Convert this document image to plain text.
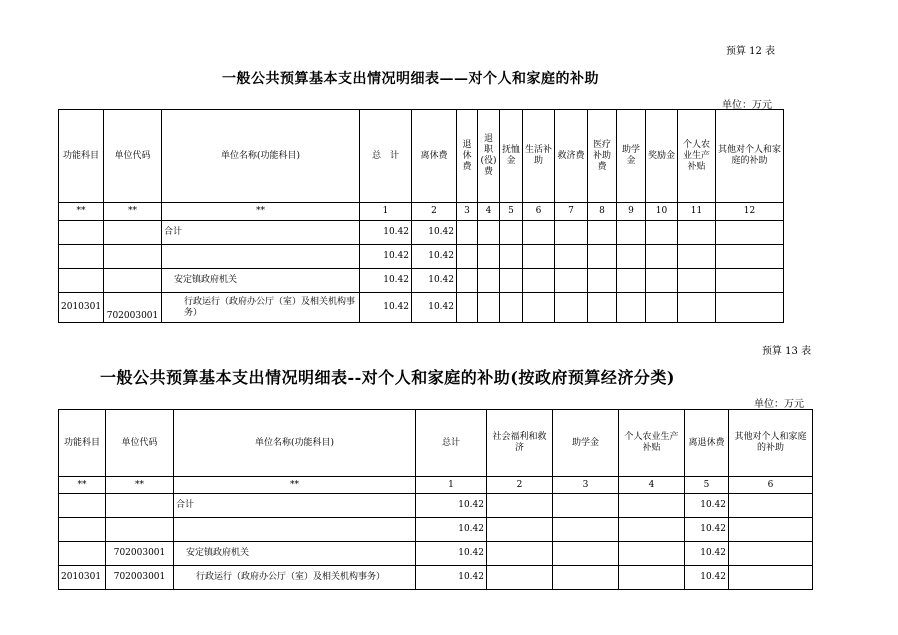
预算 12 表
一般公共预算基本支出情况明细表——对个人和家庭的补助
单位：万元
功能科目	单位代码	单位名称(功能科目)	总　计	离休费	退休费	退职(役)费	抚恤金	生活补助	救济费	医疗补助费	助学金	奖励金	个人农业生产补贴	其他对个人和家庭的补助
**	**	**	1	2	3	4	5	6	7	8	9	10	11	12
		合计	10.42	10.42										
			10.42	10.42										
		安定镇政府机关	10.42	10.42										
2010301	702003001	行政运行（政府办公厅（室）及相关机构事务）	10.42	10.42										
预算 13 表
一般公共预算基本支出情况明细表--对个人和家庭的补助(按政府预算经济分类)
单位：万元
功能科目	单位代码	单位名称(功能科目)	总计	社会福利和救济	助学金	个人农业生产补贴	离退休费	其他对个人和家庭的补助
**	**	**	1	2	3	4	5	6
		合计	10.42				10.42	
			10.42				10.42	
	702003001	安定镇政府机关	10.42				10.42	
2010301	702003001	行政运行（政府办公厅（室）及相关机构事务）	10.42				10.42	
